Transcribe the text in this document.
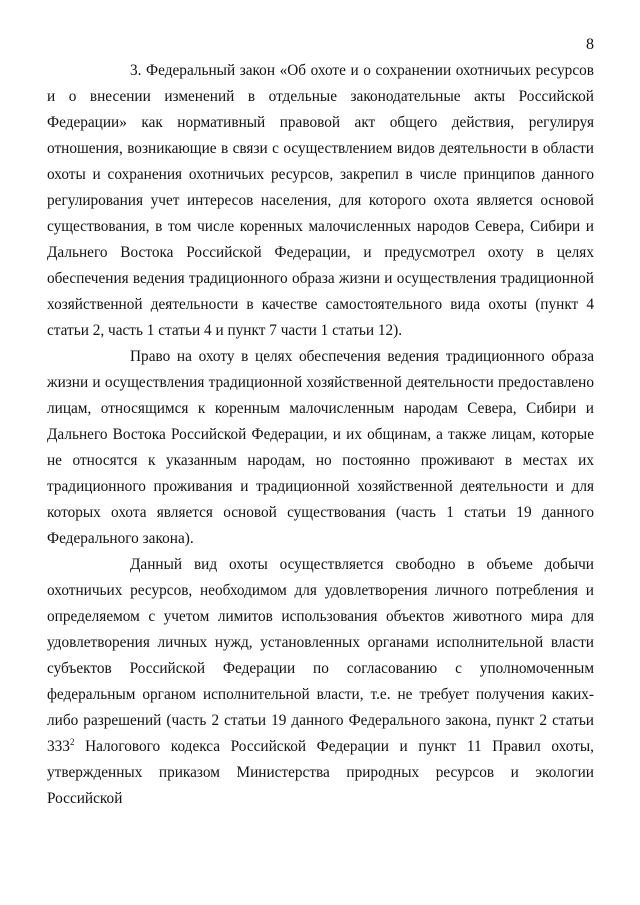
8

3. Федеральный закон «Об охоте и о сохранении охотничьих ресурсов и о внесении изменений в отдельные законодательные акты Российской Федерации» как нормативный правовой акт общего действия, регулируя отношения, возникающие в связи с осуществлением видов деятельности в области охоты и сохранения охотничьих ресурсов, закрепил в числе принципов данного регулирования учет интересов населения, для которого охота является основой существования, в том числе коренных малочисленных народов Севера, Сибири и Дальнего Востока Российской Федерации, и предусмотрел охоту в целях обеспечения ведения традиционного образа жизни и осуществления традиционной хозяйственной деятельности в качестве самостоятельного вида охоты (пункт 4 статьи 2, часть 1 статьи 4 и пункт 7 части 1 статьи 12).

Право на охоту в целях обеспечения ведения традиционного образа жизни и осуществления традиционной хозяйственной деятельности предоставлено лицам, относящимся к коренным малочисленным народам Севера, Сибири и Дальнего Востока Российской Федерации, и их общинам, а также лицам, которые не относятся к указанным народам, но постоянно проживают в местах их традиционного проживания и традиционной хозяйственной деятельности и для которых охота является основой существования (часть 1 статьи 19 данного Федерального закона).

Данный вид охоты осуществляется свободно в объеме добычи охотничьих ресурсов, необходимом для удовлетворения личного потребления и определяемом с учетом лимитов использования объектов животного мира для удовлетворения личных нужд, установленных органами исполнительной власти субъектов Российской Федерации по согласованию с уполномоченным федеральным органом исполнительной власти, т.е. не требует получения каких-либо разрешений (часть 2 статьи 19 данного Федерального закона, пункт 2 статьи $333^2$ Налогового кодекса Российской Федерации и пункт 11 Правил охоты, утвержденных приказом Министерства природных ресурсов и экологии Российской
